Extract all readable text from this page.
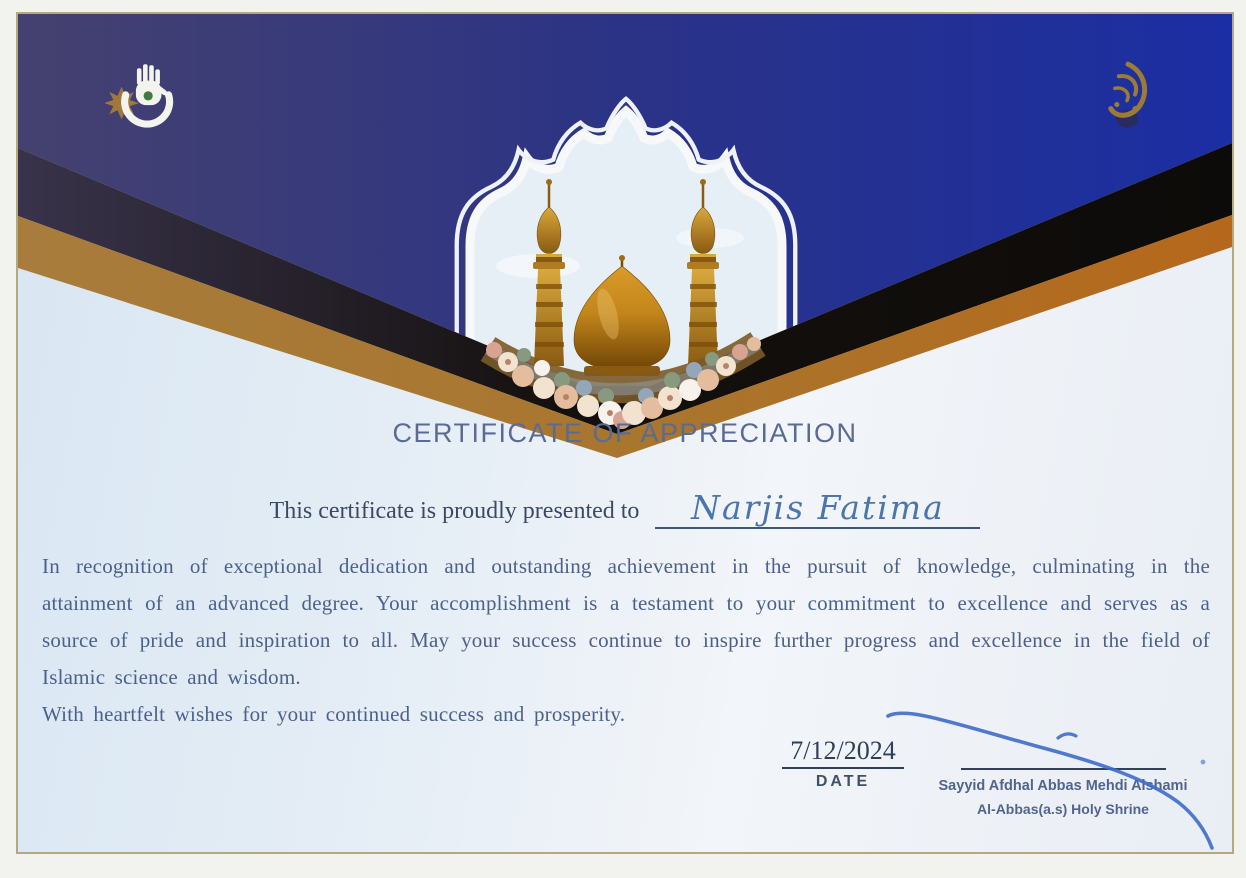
CERTIFICATE OF APPRECIATION
This certificate is proudly presented to	Narjis Fatima

In recognition of exceptional dedication and outstanding achievement in the pursuit of knowledge, culminating in the attainment of an advanced degree. Your accomplishment is a testament to your commitment to excellence and serves as a source of pride and inspiration to all. May your success continue to inspire further progress and excellence in the field of Islamic science and wisdom.

With heartfelt wishes for your continued success and prosperity.

7/12/2024
DATE	Sayyid Afdhal Abbas Mehdi Alshami
Al-Abbas(a.s) Holy Shrine
